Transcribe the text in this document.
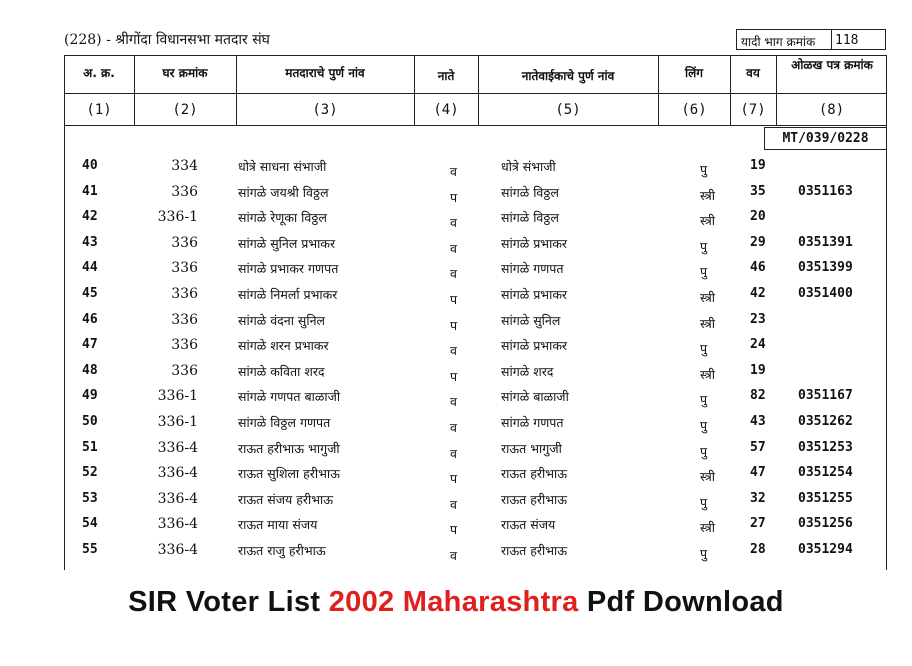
(228) - श्रीगोंदा विधानसभा मतदार संघ	यादी भाग क्रमांक 118
अ. क्र.	घर क्रमांक	मतदाराचे पुर्ण नांव	नाते	नातेवाईकाचे पुर्ण नांव	लिंग	वय
ओळख पत्र क्रमांक
(1)	(2)	(3)	(4)	(5)	(6)	(7)	(8)
MT/039/0228
40	334	धोत्रे साधना संभाजी	व	धोत्रे संभाजी	पु	19
41	336	सांगळे जयश्री विठ्ठल	प	सांगळे विठ्ठल	स्त्री	35 0351163
42	336-1	सांगळे रेणूका विठ्ठल	व	सांगळे विठ्ठल	स्त्री	20
43	336	सांगळे सुनिल प्रभाकर	व	सांगळे प्रभाकर	पु	29 0351391
44	336	सांगळे प्रभाकर गणपत	व	सांगळे गणपत	पु	46 0351399
45	336	सांगळे निमर्ला प्रभाकर	प	सांगळे प्रभाकर	स्त्री	42 0351400
46	336	सांगळे वंदना सुनिल	प	सांगळे सुनिल	स्त्री	23
47	336	सांगळे शरन प्रभाकर	व	सांगळे प्रभाकर	पु	24
48	336	सांगळे कविता शरद	प	सांगळे शरद	स्त्री	19
49	336-1	सांगळे गणपत बाळाजी	व	सांगळे बाळाजी	पु	82 0351167
50	336-1	सांगळे विठ्ठल गणपत	व	सांगळे गणपत	पु	43 0351262
51	336-4	राऊत हरीभाऊ भागुजी	व	राऊत भागुजी	पु	57 0351253
52	336-4	राऊत सुशिला हरीभाऊ	प	राऊत हरीभाऊ	स्त्री	47 0351254
53	336-4	राऊत संजय हरीभाऊ	व	राऊत हरीभाऊ	पु	32 0351255
54	336-4	राऊत माया संजय	प	राऊत संजय	स्त्री	27 0351256
55	336-4	राऊत राजु हरीभाऊ	व	राऊत हरीभाऊ	पु	28 0351294
SIR Voter List 2002 Maharashtra Pdf Download
